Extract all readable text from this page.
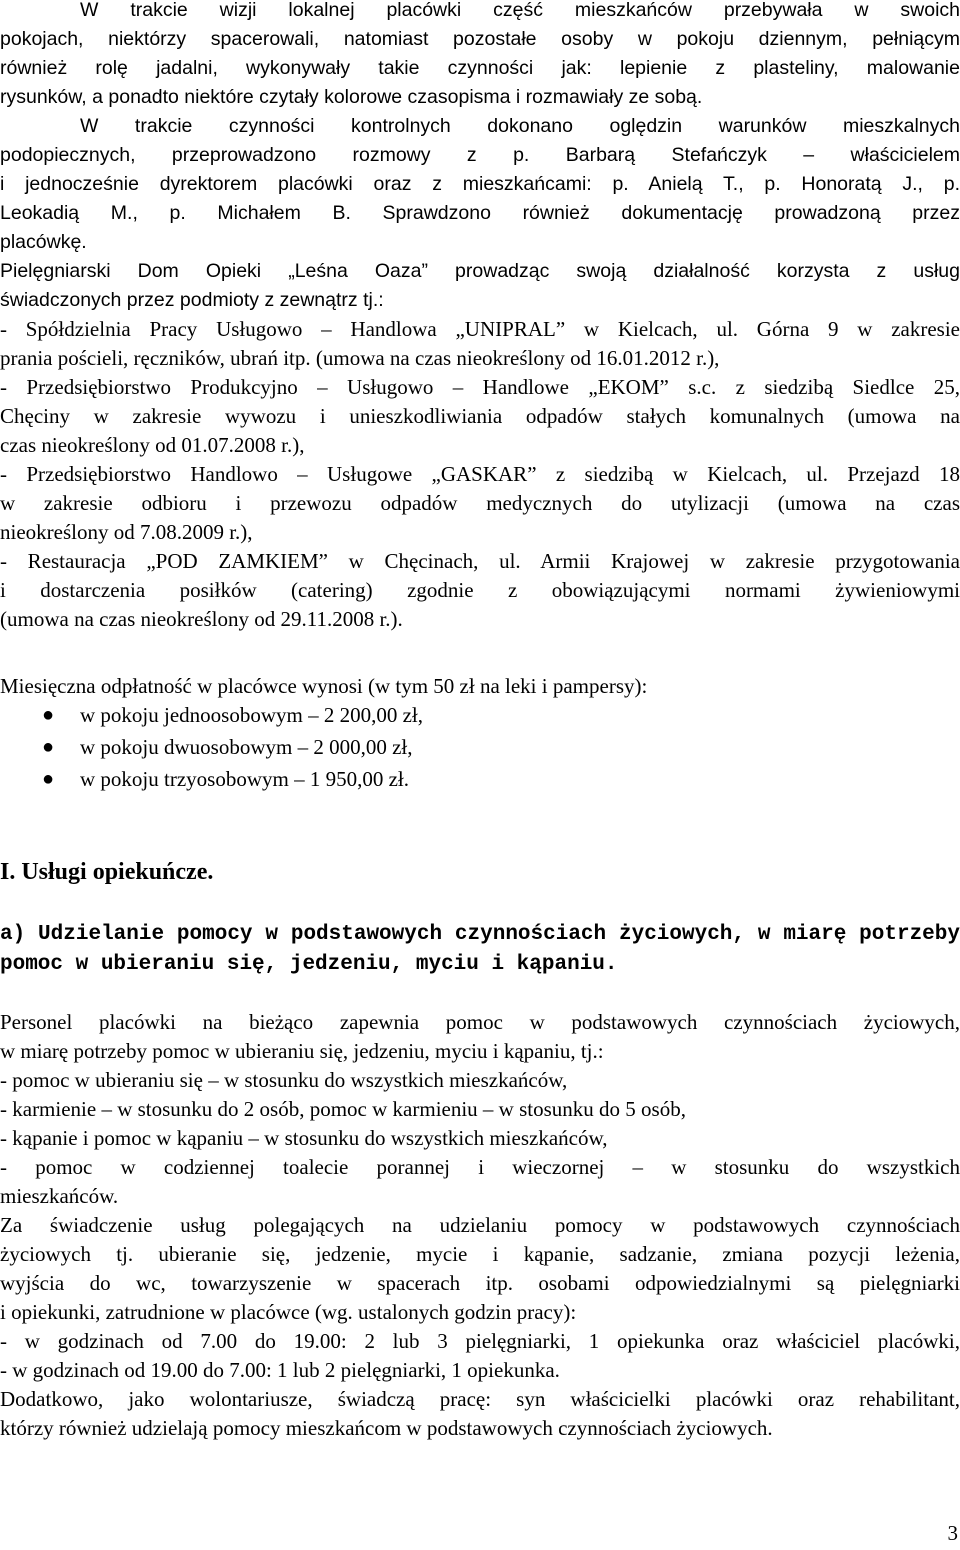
W trakcie wizji lokalnej placówki część mieszkańców przebywała w swoich
pokojach, niektórzy spacerowali, natomiast pozostałe osoby w pokoju dziennym, pełniącym
również rolę jadalni, wykonywały takie czynności jak: lepienie z plasteliny, malowanie
rysunków, a ponadto niektóre czytały kolorowe czasopisma i rozmawiały ze sobą.
W trakcie czynności kontrolnych dokonano oględzin warunków mieszkalnych
podopiecznych, przeprowadzono rozmowy z p. Barbarą Stefańczyk – właścicielem
i jednocześnie dyrektorem placówki oraz z mieszkańcami: p. Anielą T., p. Honoratą J., p.
Leokadią M., p. Michałem B. Sprawdzono również dokumentację prowadzoną przez
placówkę.
Pielęgniarski Dom Opieki „Leśna Oaza” prowadząc swoją działalność korzysta z usług
świadczonych przez podmioty z zewnątrz tj.:
- Spółdzielnia Pracy Usługowo – Handlowa „UNIPRAL” w Kielcach, ul. Górna 9 w zakresie
prania pościeli, ręczników, ubrań itp. (umowa na czas nieokreślony od 16.01.2012 r.),
- Przedsiębiorstwo Produkcyjno – Usługowo – Handlowe „EKOM” s.c. z siedzibą Siedlce 25,
Chęciny w zakresie wywozu i unieszkodliwiania odpadów stałych komunalnych (umowa na
czas nieokreślony od 01.07.2008 r.),
- Przedsiębiorstwo Handlowo – Usługowe „GASKAR” z siedzibą w Kielcach, ul. Przejazd 18
w zakresie odbioru i przewozu odpadów medycznych do utylizacji (umowa na czas
nieokreślony od 7.08.2009 r.),
- Restauracja „POD ZAMKIEM” w Chęcinach, ul. Armii Krajowej w zakresie przygotowania
i dostarczenia posiłków (catering) zgodnie z obowiązującymi normami żywieniowymi
(umowa na czas nieokreślony od 29.11.2008 r.).
Miesięczna odpłatność w placówce wynosi (w tym 50 zł na leki i pampersy):
● w pokoju jednoosobowym – 2 200,00 zł,
● w pokoju dwuosobowym – 2 000,00 zł,
● w pokoju trzyosobowym – 1 950,00 zł.
I. Usługi opiekuńcze.
a) Udzielanie pomocy w podstawowych czynnościach życiowych, w miarę potrzeby
pomoc w ubieraniu się, jedzeniu, myciu i kąpaniu.
Personel placówki na bieżąco zapewnia pomoc w podstawowych czynnościach życiowych,
w miarę potrzeby pomoc w ubieraniu się, jedzeniu, myciu i kąpaniu, tj.:
- pomoc w ubieraniu się – w stosunku do wszystkich mieszkańców,
- karmienie – w stosunku do 2 osób, pomoc w karmieniu – w stosunku do 5 osób,
- kąpanie i pomoc w kąpaniu – w stosunku do wszystkich mieszkańców,
- pomoc w codziennej toalecie porannej i wieczornej – w stosunku do wszystkich
mieszkańców.
Za świadczenie usług polegających na udzielaniu pomocy w podstawowych czynnościach
życiowych tj. ubieranie się, jedzenie, mycie i kąpanie, sadzanie, zmiana pozycji leżenia,
wyjścia do wc, towarzyszenie w spacerach itp. osobami odpowiedzialnymi są pielęgniarki
i opiekunki, zatrudnione w placówce (wg. ustalonych godzin pracy):
- w godzinach od 7.00 do 19.00: 2 lub 3 pielęgniarki, 1 opiekunka oraz właściciel placówki,
- w godzinach od 19.00 do 7.00: 1 lub 2 pielęgniarki, 1 opiekunka.
Dodatkowo, jako wolontariusze, świadczą pracę: syn właścicielki placówki oraz rehabilitant,
którzy również udzielają pomocy mieszkańcom w podstawowych czynnościach życiowych.
3
